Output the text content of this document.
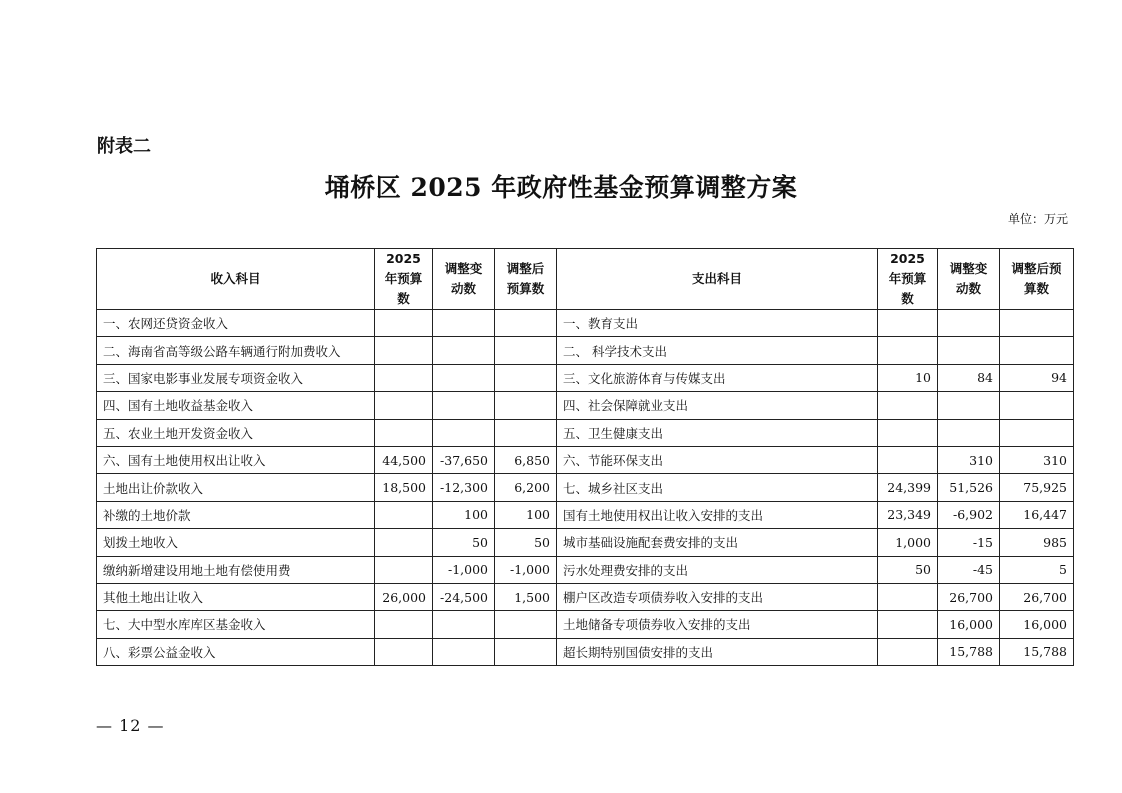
附表二
埇桥区 2025 年政府性基金预算调整方案
单位：万元
收入科目	2025 年预算数	调整变动数	调整后预算数	支出科目	2025 年预算数	调整变动数	调整后预算数
一、农网还贷资金收入				一、教育支出			
二、海南省高等级公路车辆通行附加费收入				二、 科学技术支出			
三、国家电影事业发展专项资金收入				三、文化旅游体育与传媒支出	10	84	94
四、国有土地收益基金收入				四、社会保障就业支出			
五、农业土地开发资金收入				五、卫生健康支出			
六、国有土地使用权出让收入	44,500	-37,650	6,850	六、节能环保支出		310	310
土地出让价款收入	18,500	-12,300	6,200	七、城乡社区支出	24,399	51,526	75,925
补缴的土地价款		100	100	国有土地使用权出让收入安排的支出	23,349	-6,902	16,447
划拨土地收入		50	50	城市基础设施配套费安排的支出	1,000	-15	985
缴纳新增建设用地土地有偿使用费		-1,000	-1,000	污水处理费安排的支出	50	-45	5
其他土地出让收入	26,000	-24,500	1,500	棚户区改造专项债券收入安排的支出		26,700	26,700
七、大中型水库库区基金收入				土地储备专项债券收入安排的支出		16,000	16,000
八、彩票公益金收入				超长期特别国债安排的支出		15,788	15,788
— 12 —
